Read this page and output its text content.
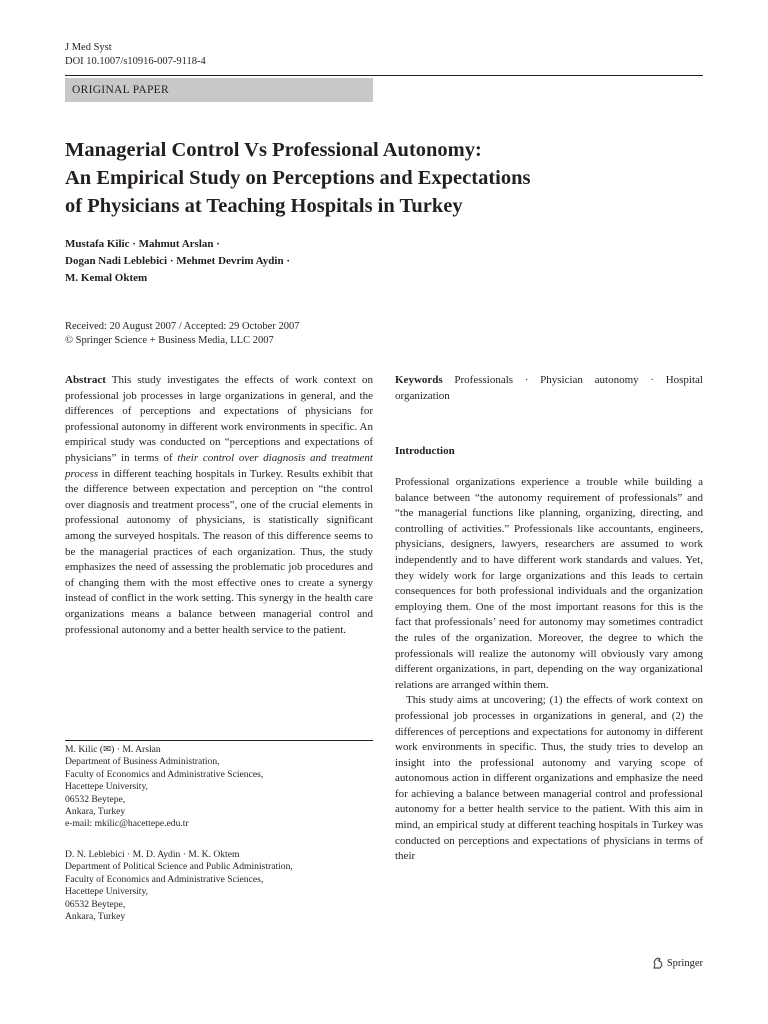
J Med Syst
DOI 10.1007/s10916-007-9118-4
ORIGINAL PAPER
Managerial Control Vs Professional Autonomy:
An Empirical Study on Perceptions and Expectations
of Physicians at Teaching Hospitals in Turkey
Mustafa Kilic · Mahmut Arslan ·
Dogan Nadi Leblebici · Mehmet Devrim Aydin ·
M. Kemal Oktem
Received: 20 August 2007 / Accepted: 29 October 2007
© Springer Science + Business Media, LLC 2007
Abstract This study investigates the effects of work context on professional job processes in large organizations in general, and the differences of perceptions and expectations of physicians for professional autonomy in different work environments in specific. An empirical study was conducted on “perceptions and expectations of physicians” in terms of their control over diagnosis and treatment process in different teaching hospitals in Turkey. Results exhibit that the difference between expectation and perception on “the control over diagnosis and treatment process”, one of the crucial elements in professional autonomy of physicians, is statistically significant among the surveyed hospitals. The reason of this difference seems to be the managerial practices of each organization. Thus, the study emphasizes the need of assessing the problematic job procedures and of changing them with the most effective ones to create a synergy instead of conflict in the work setting. This synergy in the health care organizations means a balance between managerial control and professional autonomy and a better health service to the patient.
Keywords Professionals · Physician autonomy · Hospital organization
Introduction

Professional organizations experience a trouble while building a balance between “the autonomy requirement of professionals” and “the managerial functions like planning, organizing, directing, and controlling of activities.” Professionals like accountants, engineers, physicians, designers, lawyers, researchers are assumed to work independently and to have different work standards and values. Yet, they widely work for large organizations and this leads to certain consequences for both professional individuals and the organization employing them. One of the most important reasons for this is the fact that professionals’ need for autonomy may sometimes contradict the rules of the organization. Moreover, the degree to which the professionals will realize the autonomy will obviously vary among different organizations, in part, depending on the way organizational relations are arranged within them.

This study aims at uncovering; (1) the effects of work context on professional job processes in organizations in general, and (2) the differences of perceptions and expectations for autonomy in different work environments in specific. Thus, the study tries to develop an insight into the professional autonomy and varying scope of autonomous action in different organizations and emphasize the need for achieving a balance between managerial control and professional autonomy for a better health service to the patient. With this aim in mind, an empirical study at different teaching hospitals in Turkey was conducted on perceptions and expectations of physicians in terms of their

M. Kilic (✉) · M. Arslan
Department of Business Administration,
Faculty of Economics and Administrative Sciences,
Hacettepe University,
06532 Beytepe,
Ankara, Turkey
e-mail: mkilic@hacettepe.edu.tr
D. N. Leblebici · M. D. Aydin · M. K. Oktem
Department of Political Science and Public Administration,
Faculty of Economics and Administrative Sciences,
Hacettepe University,
06532 Beytepe,
Ankara, Turkey
Springer
